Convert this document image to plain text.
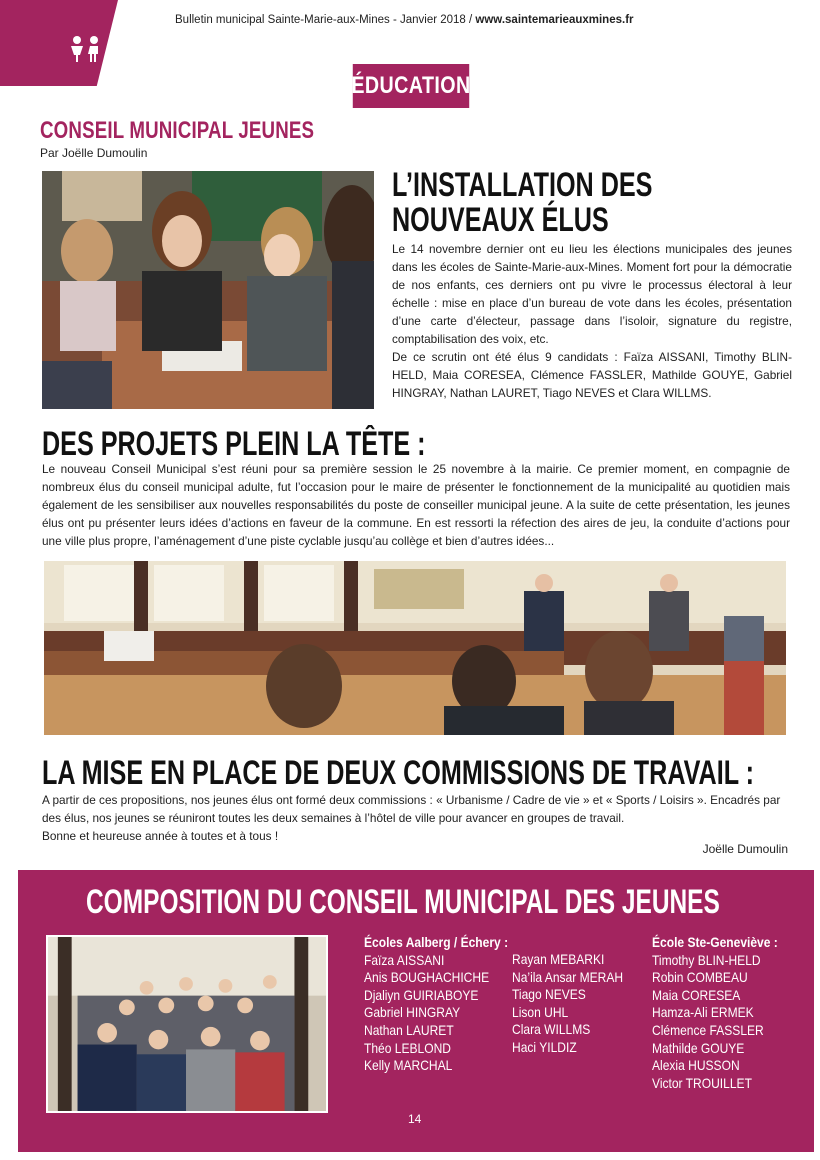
Bulletin municipal Sainte-Marie-aux-Mines - Janvier 2018 / www.saintemarieauxmines.fr
ÉDUCATION
CONSEIL MUNICIPAL JEUNES
Par Joëlle Dumoulin
L’INSTALLATION DES
NOUVEAUX ÉLUS

Le 14 novembre dernier ont eu lieu les élections municipales des jeunes dans les écoles de Sainte-Marie-aux-Mines. Moment fort pour la démocratie de nos enfants, ces derniers ont pu vivre le processus électoral à leur échelle : mise en place d’un bureau de vote dans les écoles, présentation d’une carte d’électeur, passage dans l’isoloir, signature du registre, comptabilisation des voix, etc.

De ce scrutin ont été élus 9 candidats : Faïza AISSANI, Timothy BLIN-HELD, Maia CORESEA, Clémence FASSLER, Mathilde GOUYE, Gabriel HINGRAY, Nathan LAURET, Tiago NEVES et Clara WILLMS.

DES PROJETS PLEIN LA TÊTE :
Le nouveau Conseil Municipal s’est réuni pour sa première session le 25 novembre à la mairie. Ce premier moment, en compagnie de nombreux élus du conseil municipal adulte, fut l’occasion pour le maire de présenter le fonctionnement de la municipalité au quotidien mais également de les sensibiliser aux nouvelles responsabilités du poste de conseiller municipal jeune. A la suite de cette présentation, les jeunes élus ont pu présenter leurs idées d’actions en faveur de la commune. En est ressorti la réfection des aires de jeu, la conduite d’actions pour une ville plus propre, l’aménagement d’une piste cyclable jusqu’au collège et bien d’autres idées...
LA MISE EN PLACE DE DEUX COMMISSIONS DE TRAVAIL :

A partir de ces propositions, nos jeunes élus ont formé deux commissions : « Urbanisme / Cadre de vie » et « Sports / Loisirs ». Encadrés par des élus, nos jeunes se réuniront toutes les deux semaines à l’hôtel de ville pour avancer en groupes de travail.

Bonne et heureuse année à toutes et à tous !

Joëlle Dumoulin
COMPOSITION DU CONSEIL MUNICIPAL DES JEUNES
Écoles Aalberg / Échery :
Faïza AISSANI
Anis BOUGHACHICHE
Djaliyn GUIRIABOYE
Gabriel HINGRAY
Nathan LAURET
Théo LEBLOND
Kelly MARCHAL
Rayan MEBARKI
Na’ila Ansar MERAH
Tiago NEVES
Lison UHL
Clara WILLMS
Haci YILDIZ
École Ste-Geneviève :
Timothy BLIN-HELD
Robin COMBEAU
Maia CORESEA
Hamza-Ali ERMEK
Clémence FASSLER
Mathilde GOUYE
Alexia HUSSON
Victor TROUILLET
14
